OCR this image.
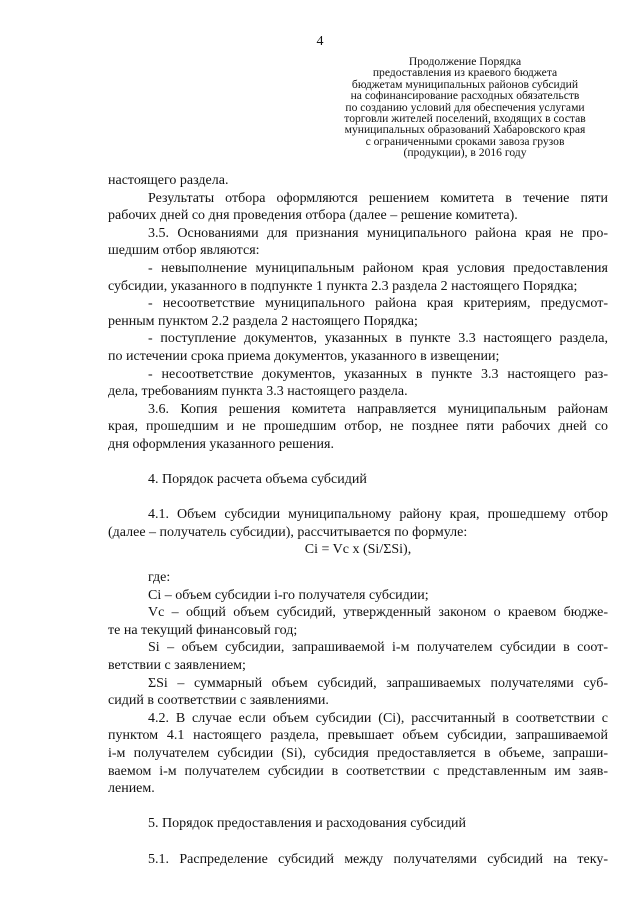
4
Продолжение Порядка
предоставления из краевого бюджета
бюджетам муниципальных районов субсидий
на софинансирование расходных обязательств
по созданию условий для обеспечения услугами
торговли жителей поселений, входящих в состав
муниципальных образований Хабаровского края
с ограниченными сроками завоза грузов
(продукции), в 2016 году
настоящего раздела.
Результаты отбора оформляются решением комитета в течение пяти
рабочих дней со дня проведения отбора (далее – решение комитета).
3.5. Основаниями для признания муниципального района края не про-
шедшим отбор являются:
- невыполнение муниципальным районом края условия предоставления
субсидии, указанного в подпункте 1 пункта 2.3 раздела 2 настоящего Порядка;
- несоответствие муниципального района края критериям, предусмот-
ренным пунктом 2.2 раздела 2 настоящего Порядка;
- поступление документов, указанных в пункте 3.3 настоящего раздела,
по истечении срока приема документов, указанного в извещении;
- несоответствие документов, указанных в пункте 3.3 настоящего раз-
дела, требованиям пункта 3.3 настоящего раздела.
3.6. Копия решения комитета направляется муниципальным районам
края, прошедшим и не прошедшим отбор, не позднее пяти рабочих дней со
дня оформления указанного решения.
4. Порядок расчета объема субсидий
4.1. Объем субсидии муниципальному району края, прошедшему отбор
(далее – получатель субсидии), рассчитывается по формуле:
Ci = Vc x (Si/ΣSi),
где:
Ci – объем субсидии i-го получателя субсидии;
Vc – общий объем субсидий, утвержденный законом о краевом бюдже-
те на текущий финансовый год;
Si – объем субсидии, запрашиваемой i-м получателем субсидии в соот-
ветствии с заявлением;
ΣSi – суммарный объем субсидий, запрашиваемых получателями суб-
сидий в соответствии с заявлениями.
4.2. В случае если объем субсидии (Ci), рассчитанный в соответствии с
пунктом 4.1 настоящего раздела, превышает объем субсидии, запрашиваемой
i-м получателем субсидии (Si), субсидия предоставляется в объеме, запраши-
ваемом i-м получателем субсидии в соответствии с представленным им заяв-
лением.
5. Порядок предоставления и расходования субсидий
5.1. Распределение субсидий между получателями субсидий на теку-
